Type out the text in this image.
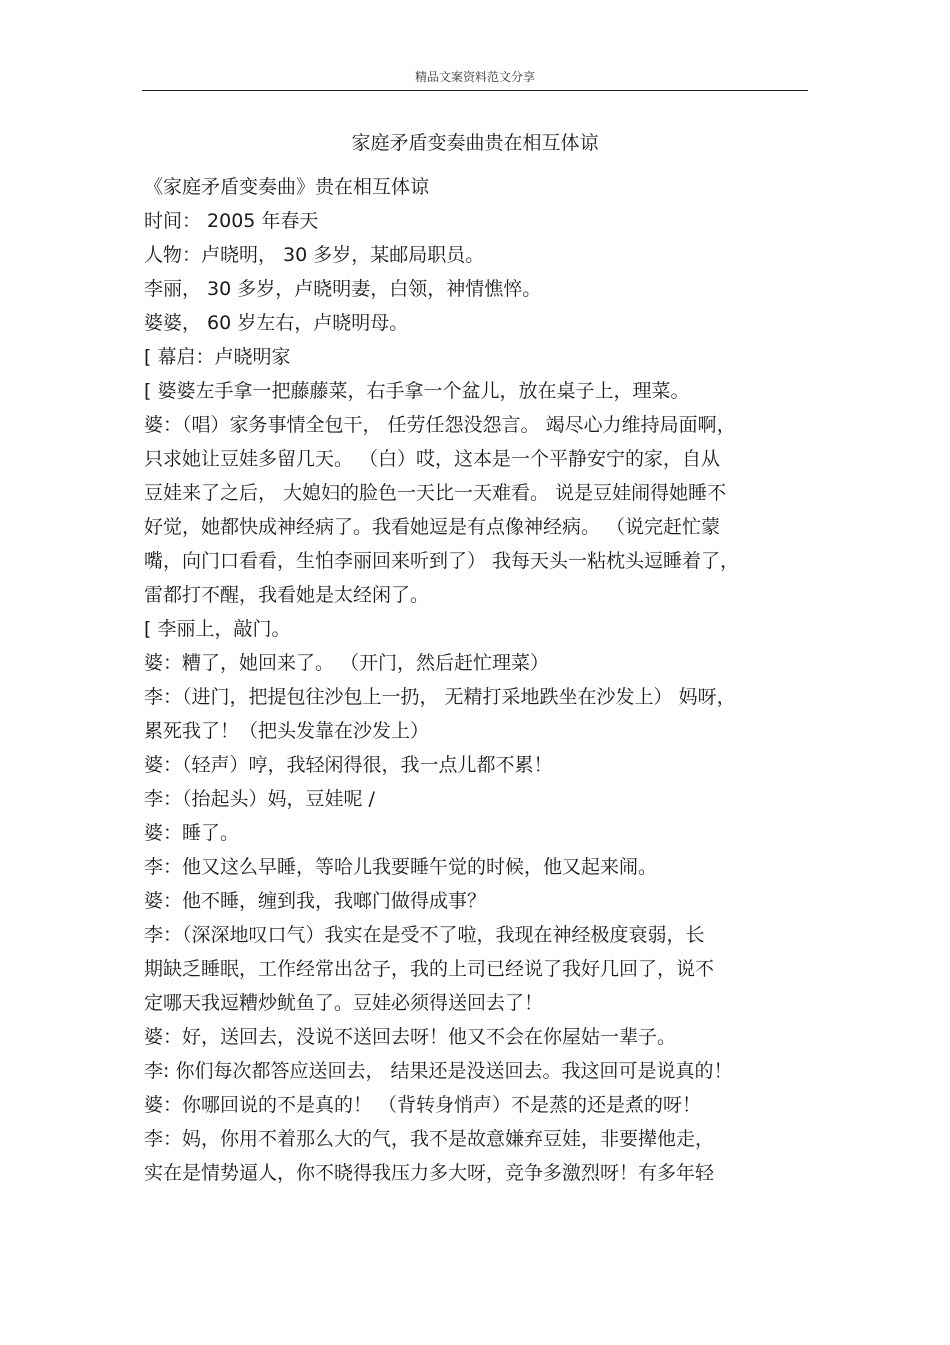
精品文案资料范文分享
家庭矛盾变奏曲贵在相互体谅
《家庭矛盾变奏曲》贵在相互体谅
时间： 2005 年春天
人物：卢晓明， 30 多岁，某邮局职员。
李丽， 30 多岁，卢晓明妻，白领，神情憔悴。
婆婆， 60 岁左右，卢晓明母。
[ 幕启：卢晓明家
[ 婆婆左手拿一把藤藤菜，右手拿一个盆儿，放在桌子上，理菜。
婆：（唱）家务事情全包干， 任劳任怨没怨言。 竭尽心力维持局面啊，
只求她让豆娃多留几天。 （白）哎，这本是一个平静安宁的家，自从
豆娃来了之后， 大媳妇的脸色一天比一天难看。 说是豆娃闹得她睡不
好觉，她都快成神经病了。我看她逗是有点像神经病。 （说完赶忙蒙
嘴，向门口看看，生怕李丽回来听到了） 我每天头一粘枕头逗睡着了，
雷都打不醒，我看她是太经闲了。
[ 李丽上，敲门。
婆：糟了，她回来了。 （开门，然后赶忙理菜）
李：（进门，把提包往沙包上一扔， 无精打采地跌坐在沙发上） 妈呀，
累死我了！（把头发靠在沙发上）
婆：（轻声）哼，我轻闲得很，我一点儿都不累！
李：（抬起头）妈，豆娃呢 /
婆：睡了。
李：他又这么早睡，等哈儿我要睡午觉的时候，他又起来闹。
婆：他不睡，缠到我，我啷门做得成事？
李：（深深地叹口气）我实在是受不了啦，我现在神经极度衰弱，长
期缺乏睡眠，工作经常出岔子，我的上司已经说了我好几回了，说不
定哪天我逗糟炒鱿鱼了。豆娃必须得送回去了！
婆：好，送回去，没说不送回去呀！他又不会在你屋姑一辈子。
李: 你们每次都答应送回去， 结果还是没送回去。我这回可是说真的！
婆：你哪回说的不是真的！ （背转身悄声）不是蒸的还是煮的呀！
李：妈，你用不着那么大的气，我不是故意嫌弃豆娃，非要撵他走，
实在是情势逼人，你不晓得我压力多大呀，竞争多激烈呀！有多年轻
